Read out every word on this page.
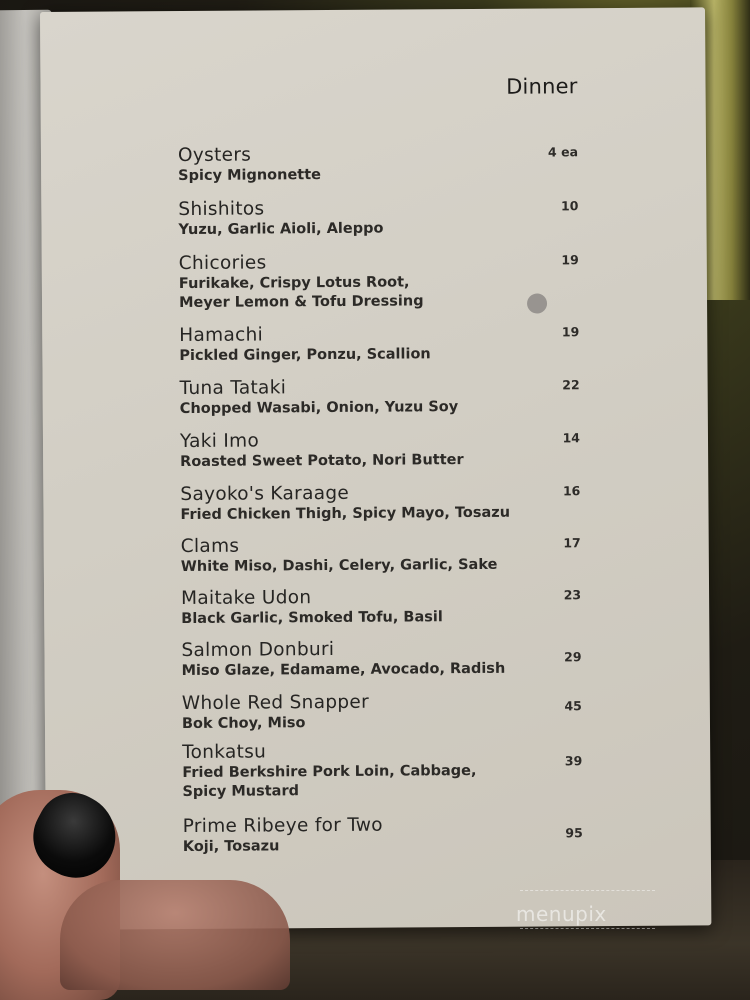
Dinner
Oysters
Spicy Mignonette
4 ea
Shishitos
Yuzu, Garlic Aioli, Aleppo
10
Chicories
Furikake, Crispy Lotus Root,
Meyer Lemon & Tofu Dressing
19
Hamachi
Pickled Ginger, Ponzu, Scallion
19
Tuna Tataki
Chopped Wasabi, Onion, Yuzu Soy
22
Yaki Imo
Roasted Sweet Potato, Nori Butter
14
Sayoko's Karaage
Fried Chicken Thigh, Spicy Mayo, Tosazu
16
Clams
White Miso, Dashi, Celery, Garlic, Sake
17
Maitake Udon
Black Garlic, Smoked Tofu, Basil
23
Salmon Donburi
Miso Glaze, Edamame, Avocado, Radish
29
Whole Red Snapper
Bok Choy, Miso
45
Tonkatsu
Fried Berkshire Pork Loin, Cabbage,
Spicy Mustard
39
Prime Ribeye for Two
Koji, Tosazu
95
menupix
